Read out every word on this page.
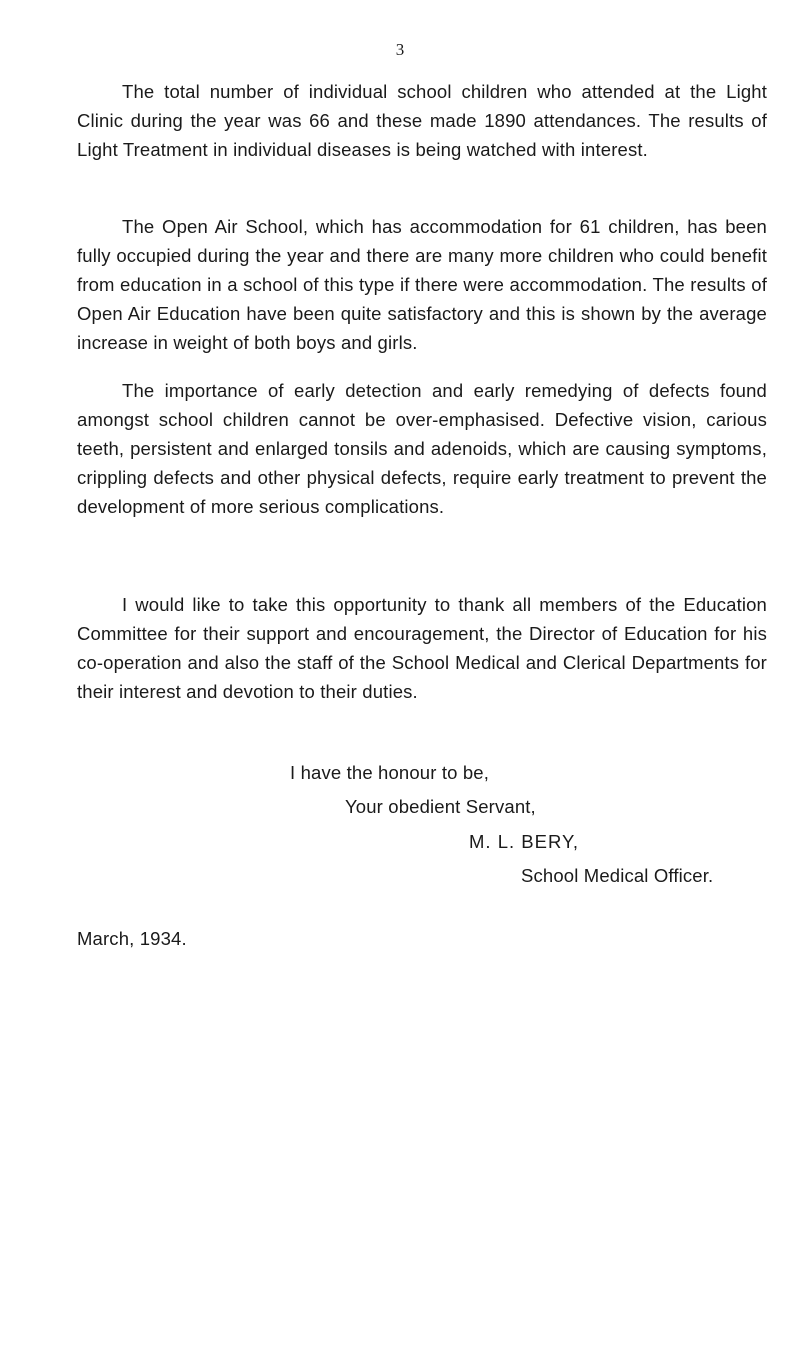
3

The total number of individual school children who attended at the Light Clinic during the year was 66 and these made 1890 attendances. The results of Light Treatment in individual diseases is being watched with interest.

The Open Air School, which has accommodation for 61 children, has been fully occupied during the year and there are many more children who could benefit from education in a school of this type if there were accommodation. The results of Open Air Education have been quite satisfactory and this is shown by the average increase in weight of both boys and girls.

The importance of early detection and early remedying of defects found amongst school children cannot be over-emphasised. Defective vision, carious teeth, persistent and enlarged tonsils and adenoids, which are causing symptoms, crippling defects and other physical defects, require early treatment to prevent the development of more serious complications.

I would like to take this opportunity to thank all members of the Education Committee for their support and encouragement, the Director of Education for his co-operation and also the staff of the School Medical and Clerical Departments for their interest and devotion to their duties.

I have the honour to be,
Your obedient Servant,
M. L. BERY,
School Medical Officer.
March, 1934.
